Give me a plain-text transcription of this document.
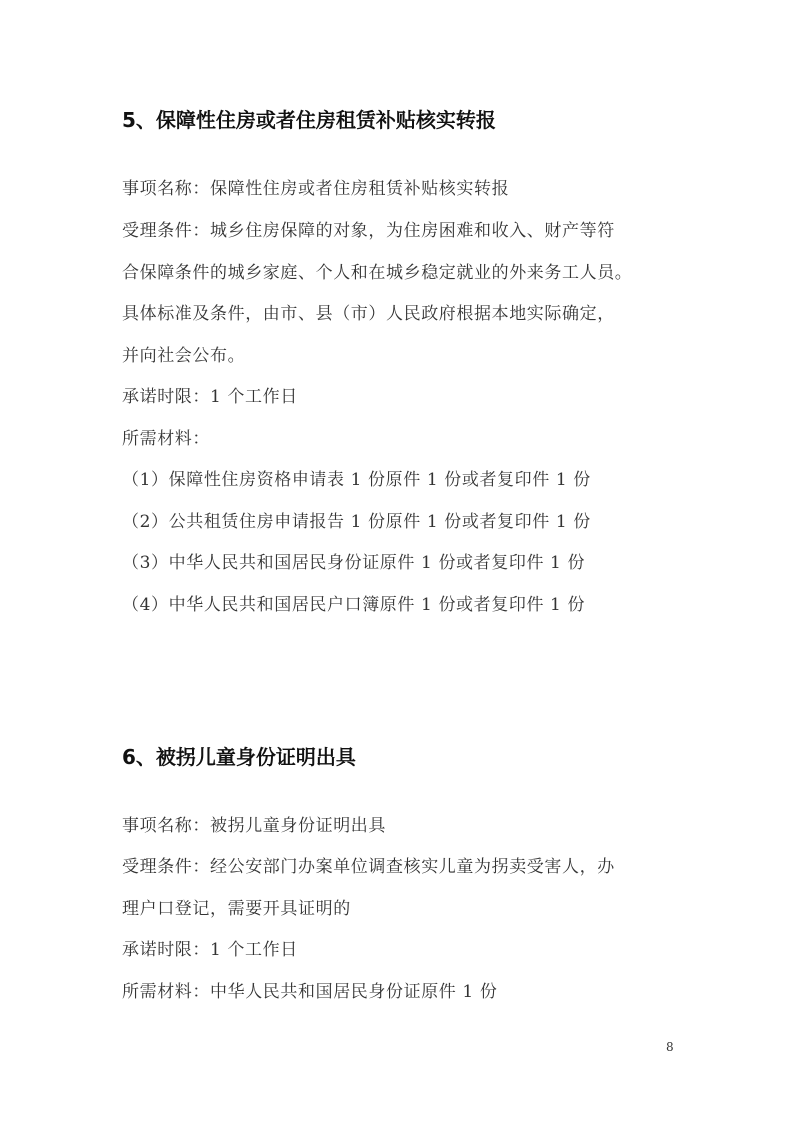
5、保障性住房或者住房租赁补贴核实转报

事项名称：保障性住房或者住房租赁补贴核实转报

受理条件：城乡住房保障的对象，为住房困难和收入、财产等符

合保障条件的城乡家庭、个人和在城乡稳定就业的外来务工人员。

具体标准及条件，由市、县（市）人民政府根据本地实际确定，

并向社会公布。

承诺时限：1 个工作日

所需材料：

（1）保障性住房资格申请表 1 份原件 1 份或者复印件 1 份

（2）公共租赁住房申请报告 1 份原件 1 份或者复印件 1 份

（3）中华人民共和国居民身份证原件 1 份或者复印件 1 份

（4）中华人民共和国居民户口簿原件 1 份或者复印件 1 份

6、被拐儿童身份证明出具

事项名称：被拐儿童身份证明出具

受理条件：经公安部门办案单位调查核实儿童为拐卖受害人，办

理户口登记，需要开具证明的

承诺时限：1 个工作日

所需材料：中华人民共和国居民身份证原件 1 份

8
